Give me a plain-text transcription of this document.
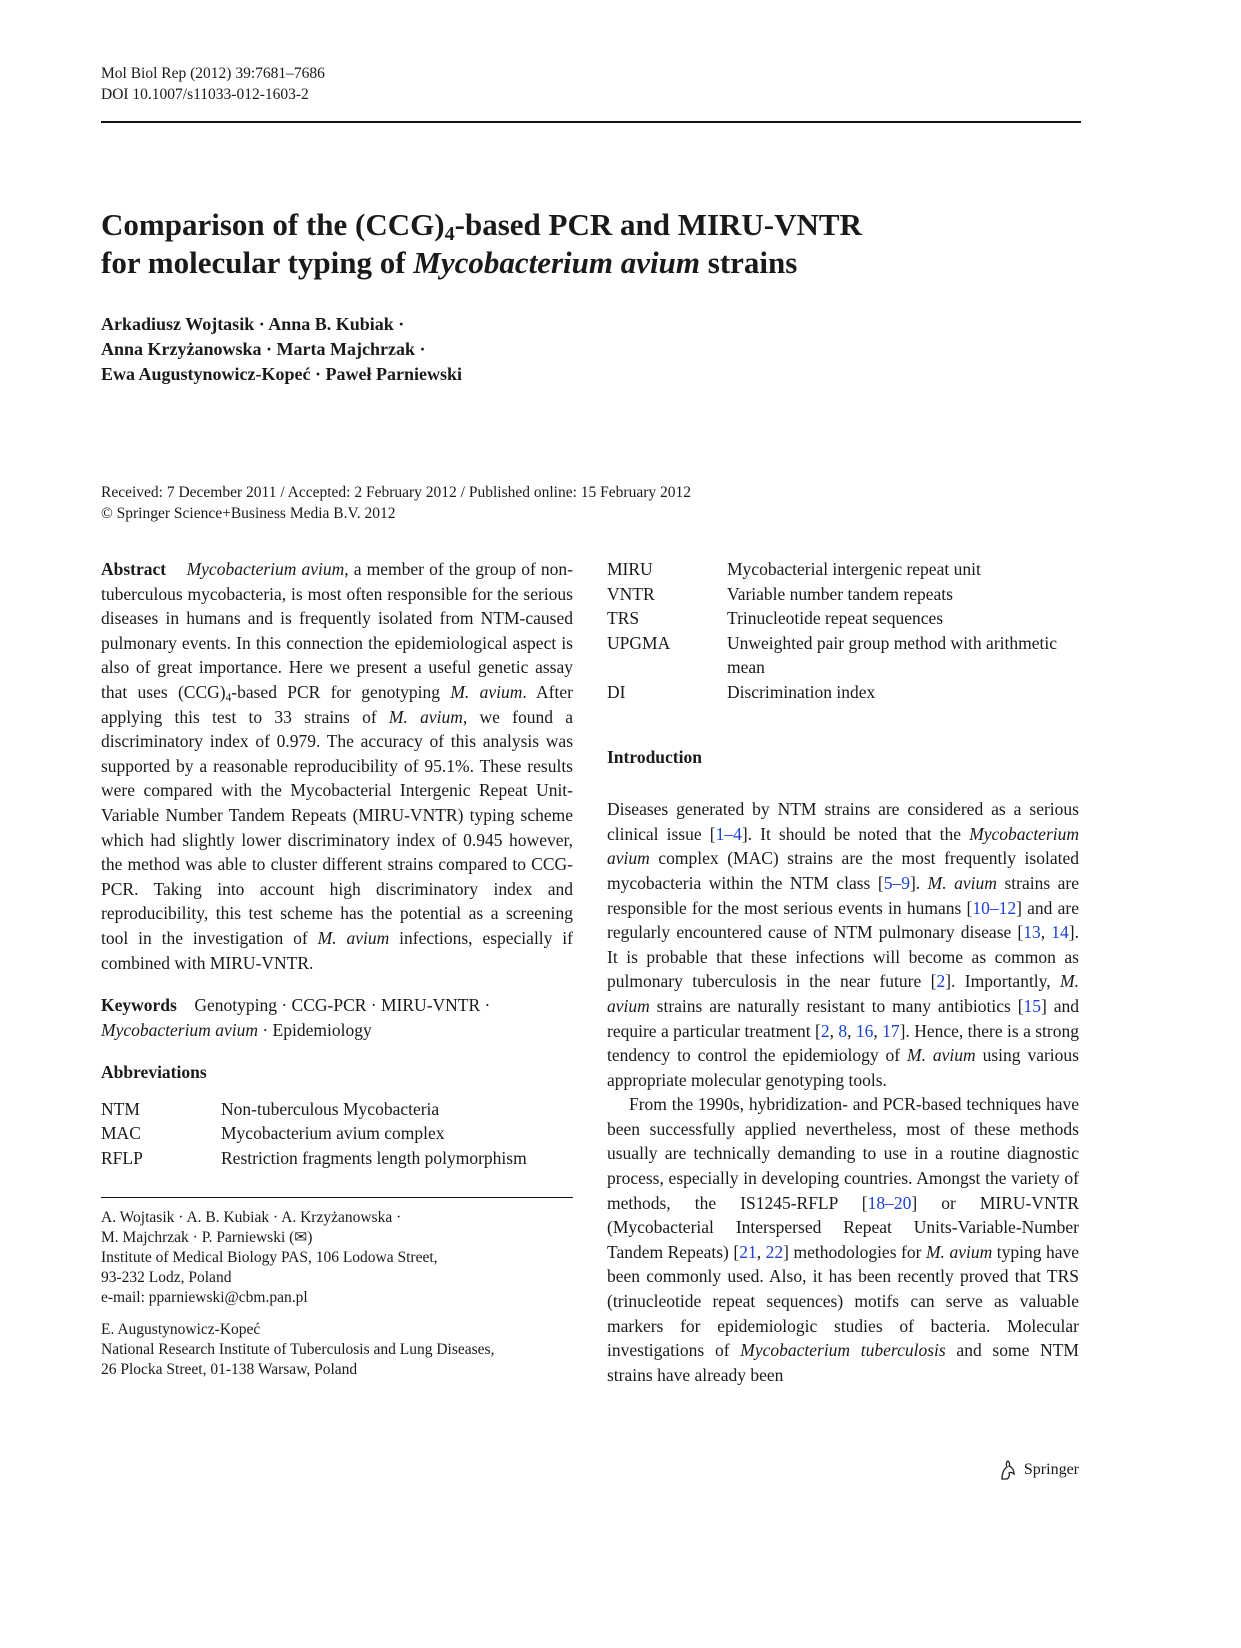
Mol Biol Rep (2012) 39:7681–7686
DOI 10.1007/s11033-012-1603-2
Comparison of the $(CCG)_4$-based PCR and MIRU-VNTR
for molecular typing of Mycobacterium avium strains
Arkadiusz Wojtasik · Anna B. Kubiak ·
Anna Krzyżanowska · Marta Majchrzak ·
Ewa Augustynowicz-Kopeć · Paweł Parniewski
Received: 7 December 2011 / Accepted: 2 February 2012 / Published online: 15 February 2012
© Springer Science+Business Media B.V. 2012

Abstract Mycobacterium avium, a member of the group of non-tuberculous mycobacteria, is most often responsible for the serious diseases in humans and is frequently isolated from NTM-caused pulmonary events. In this connection the epidemiological aspect is also of great importance. Here we present a useful genetic assay that uses $(CCG)_4$-based PCR for genotyping M. avium. After applying this test to 33 strains of M. avium, we found a discriminatory index of 0.979. The accuracy of this analysis was supported by a reasonable reproducibility of 95.1%. These results were compared with the Mycobacterial Intergenic Repeat Unit-Variable Number Tandem Repeats (MIRU-VNTR) typing scheme which had slightly lower discriminatory index of 0.945 however, the method was able to cluster different strains compared to CCG-PCR. Taking into account high discriminatory index and reproducibility, this test scheme has the potential as a screening tool in the investigation of M. avium infections, especially if combined with MIRU-VNTR.

Keywords Genotyping · CCG-PCR · MIRU-VNTR ·
Mycobacterium avium · Epidemiology

Abbreviations

NTM	Non-tuberculous Mycobacteria
MAC	Mycobacterium avium complex
RFLP	Restriction fragments length polymorphism
A. Wojtasik · A. B. Kubiak · A. Krzyżanowska ·
M. Majchrzak · P. Parniewski (✉)
Institute of Medical Biology PAS, 106 Lodowa Street,
93-232 Lodz, Poland
e-mail: pparniewski@cbm.pan.pl
E. Augustynowicz-Kopeć
National Research Institute of Tuberculosis and Lung Diseases,
26 Plocka Street, 01-138 Warsaw, Poland
MIRU	Mycobacterial intergenic repeat unit
VNTR	Variable number tandem repeats
TRS	Trinucleotide repeat sequences
UPGMA	Unweighted pair group method with arithmetic mean
DI	Discrimination index

Introduction

Diseases generated by NTM strains are considered as a serious clinical issue [1–4]. It should be noted that the Mycobacterium avium complex (MAC) strains are the most frequently isolated mycobacteria within the NTM class [5–9]. M. avium strains are responsible for the most serious events in humans [10–12] and are regularly encountered cause of NTM pulmonary disease [13, 14]. It is probable that these infections will become as common as pulmonary tuberculosis in the near future [2]. Importantly, M. avium strains are naturally resistant to many antibiotics [15] and require a particular treatment [2, 8, 16, 17]. Hence, there is a strong tendency to control the epidemiology of M. avium using various appropriate molecular genotyping tools.

From the 1990s, hybridization- and PCR-based techniques have been successfully applied nevertheless, most of these methods usually are technically demanding to use in a routine diagnostic process, especially in developing countries. Amongst the variety of methods, the IS1245-RFLP [18–20] or MIRU-VNTR (Mycobacterial Interspersed Repeat Units-Variable-Number Tandem Repeats) [21, 22] methodologies for M. avium typing have been commonly used. Also, it has been recently proved that TRS (trinucleotide repeat sequences) motifs can serve as valuable markers for epidemiologic studies of bacteria. Molecular investigations of Mycobacterium tuberculosis and some NTM strains have already been

Springer
